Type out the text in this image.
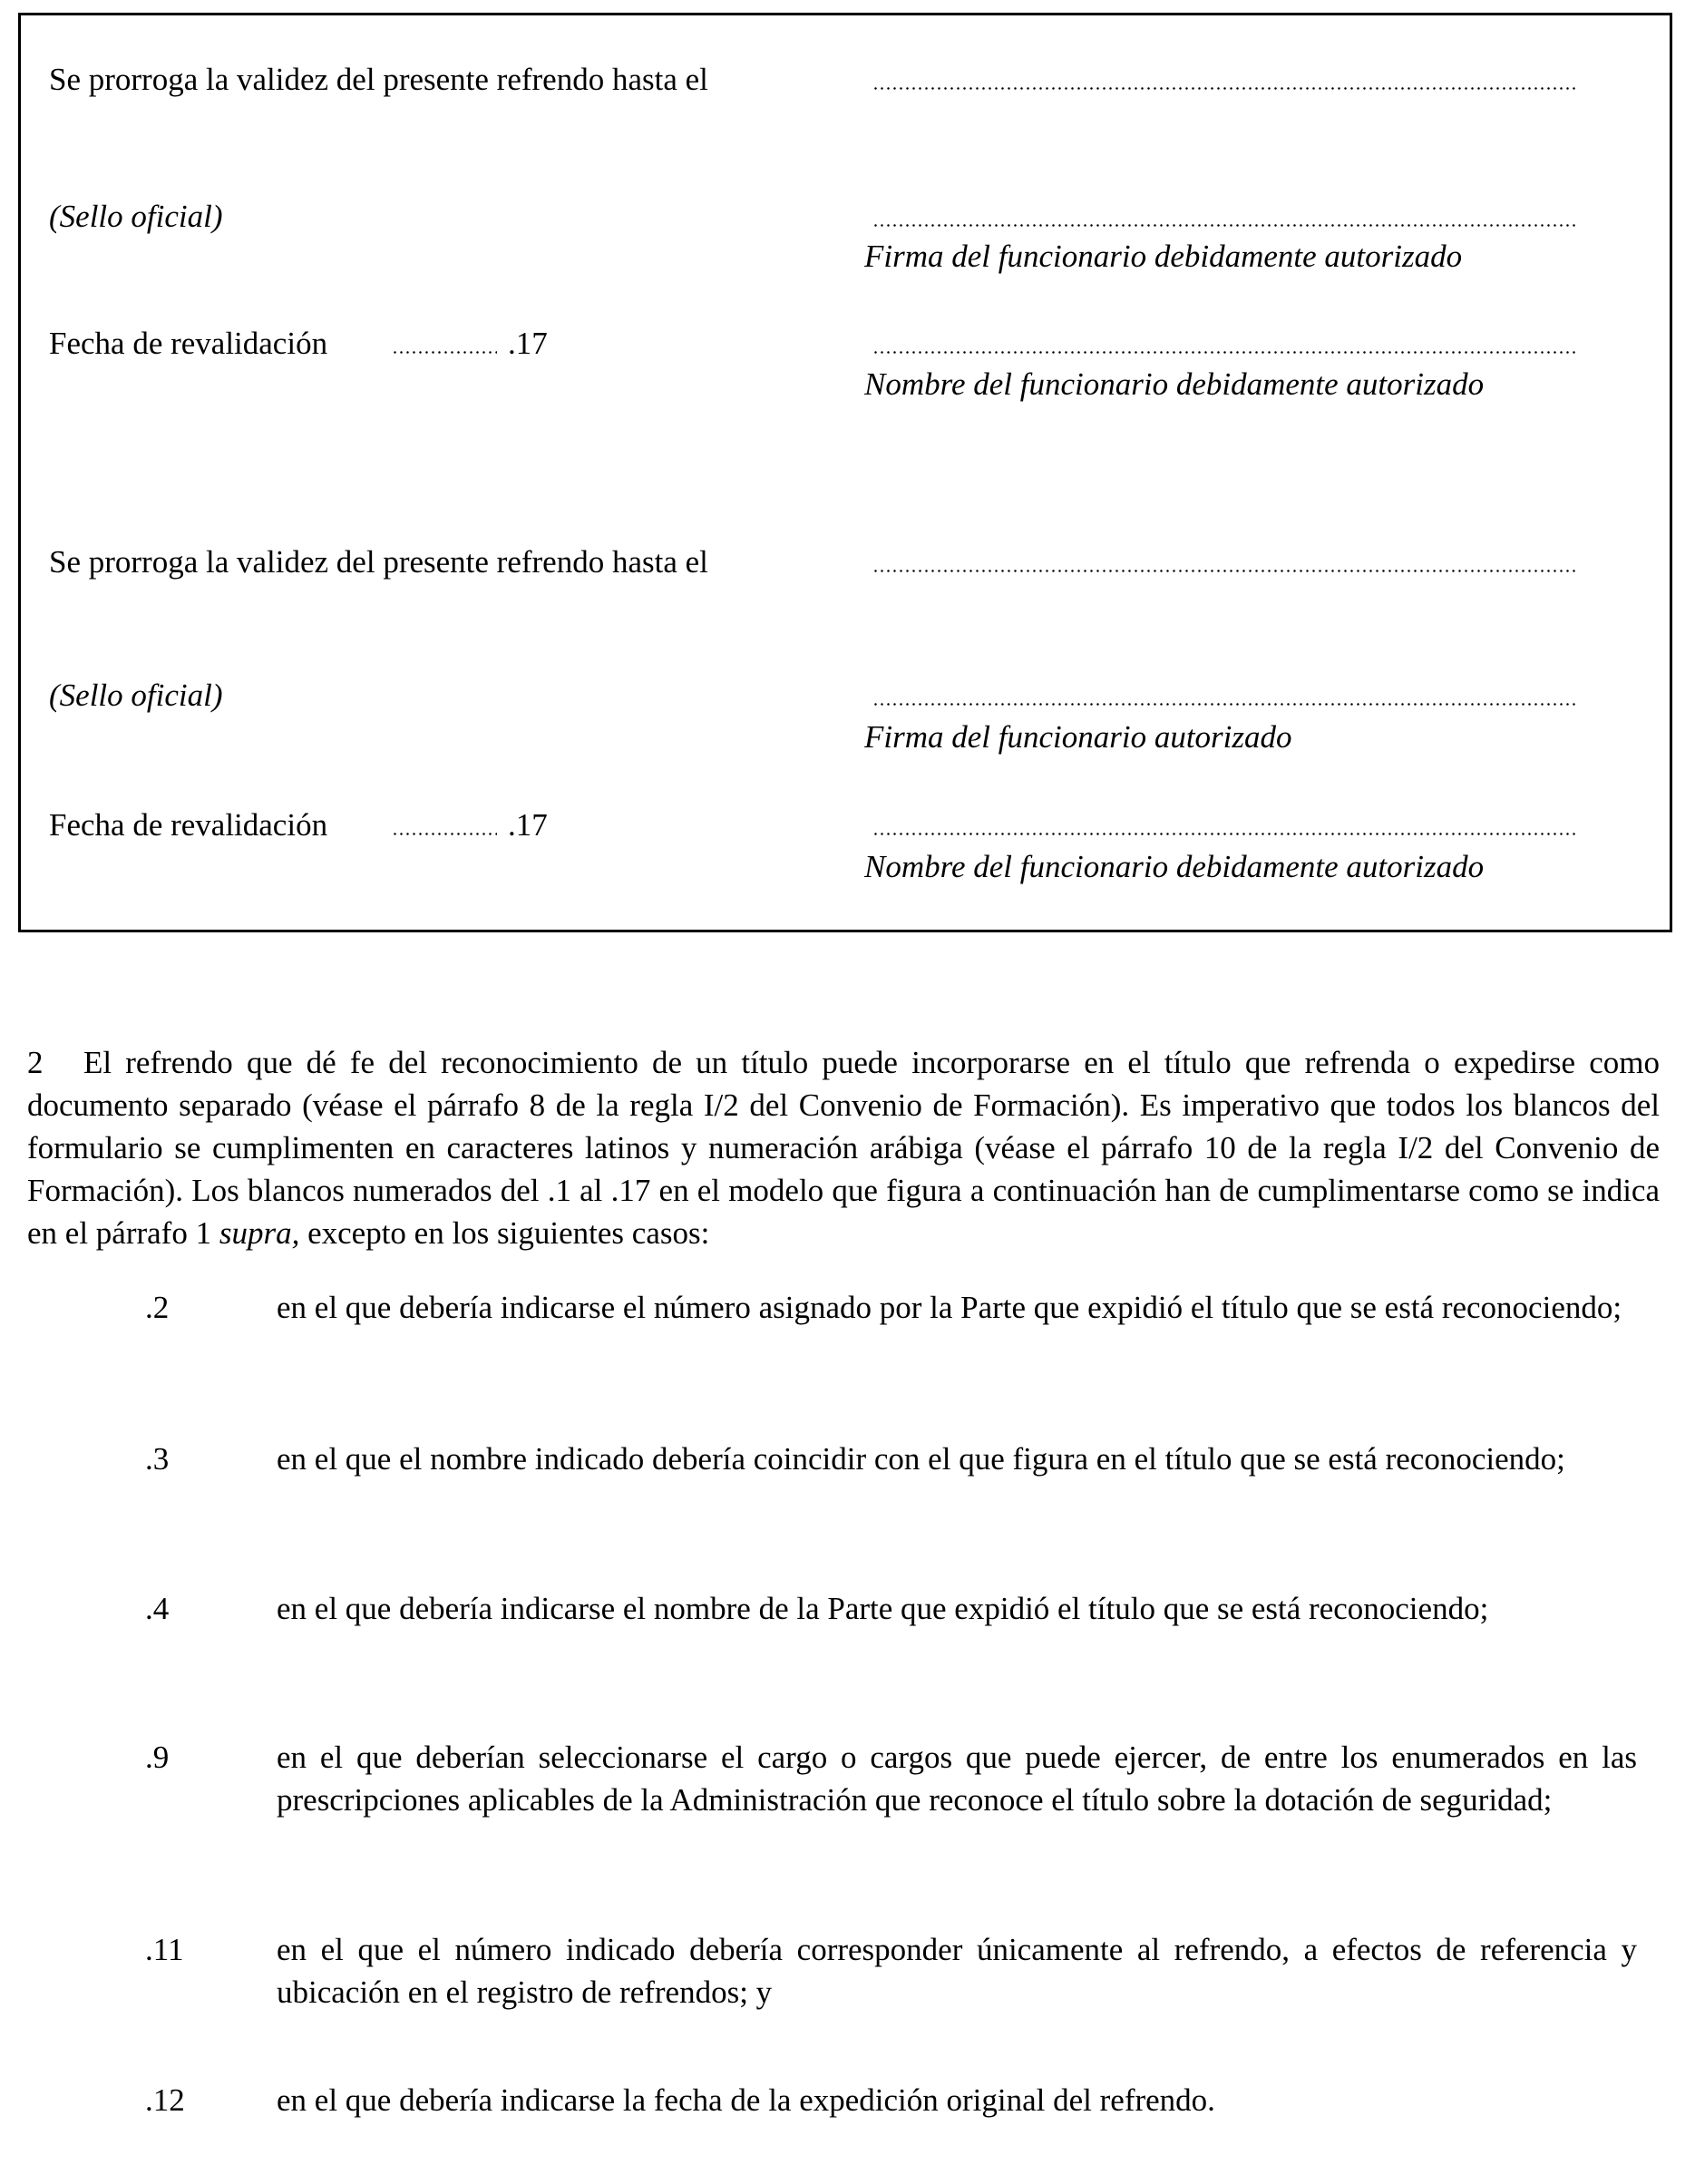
Se prorroga la validez del presente refrendo hasta el
(Sello oficial)
Firma del funcionario debidamente autorizado
Fecha de revalidación	.17
Nombre del funcionario debidamente autorizado
Se prorroga la validez del presente refrendo hasta el
(Sello oficial)
Firma del funcionario autorizado
Fecha de revalidación	.17
Nombre del funcionario debidamente autorizado
2 El refrendo que dé fe del reconocimiento de un título puede incorporarse en el título que refrenda o expedirse como documento separado (véase el párrafo 8 de la regla I/2 del Convenio de Formación). Es imperativo que todos los blancos del formulario se cumplimenten en caracteres latinos y numeración arábiga (véase el párrafo 10 de la regla I/2 del Convenio de Formación). Los blancos numerados del .1 al .17 en el modelo que figura a continuación han de cumplimentarse como se indica en el párrafo 1 supra, excepto en los siguientes casos:
.2	en el que debería indicarse el número asignado por la Parte que expidió el título que se está reconociendo;
.3	en el que el nombre indicado debería coincidir con el que figura en el título que se está reconociendo;
.4	en el que debería indicarse el nombre de la Parte que expidió el título que se está reconociendo;
.9	en el que deberían seleccionarse el cargo o cargos que puede ejercer, de entre los enumerados en las prescripciones aplicables de la Administración que reconoce el título sobre la dotación de seguridad;
.11	en el que el número indicado debería corresponder únicamente al refrendo, a efectos de referencia y ubicación en el registro de refrendos; y
.12	en el que debería indicarse la fecha de la expedición original del refrendo.
